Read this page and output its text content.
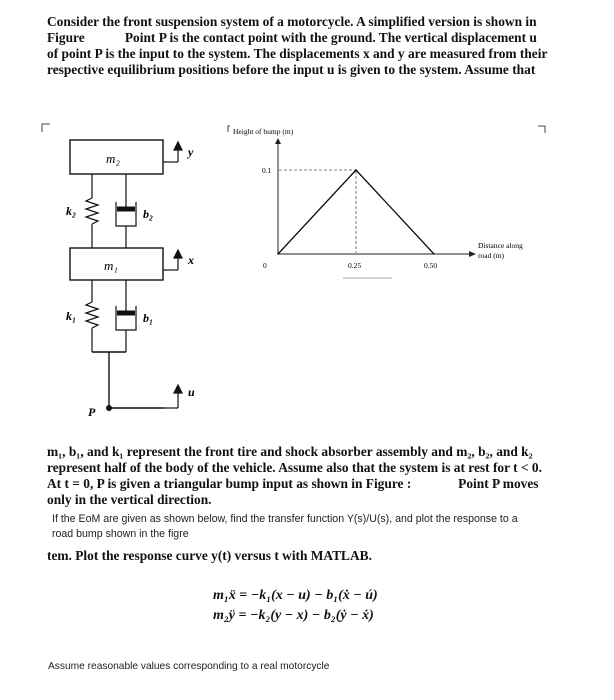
Consider the front suspension system of a motorcycle. A simplified version is shown in

Figure            Point P is the contact point with the ground. The vertical displacement u

of point P is the input to the system. The displacements x and y are measured from their

respective equilibrium positions before the input u is given to the system. Assume that

m₂
m₁
k₂	b₂
k₁	b₁
P
y
x
u
Height of bump (m)
Distance along
road (m)
0.1
0	0.25	0.50

m₁, b₁, and k₁ represent the front tire and shock absorber assembly and m₂, b₂, and k₂

represent half of the body of the vehicle. Assume also that the system is at rest for t < 0.

At t = 0, P is given a triangular bump input as shown in Figure :              Point P moves

only in the vertical direction.

If the EoM are given as shown below, find the transfer function Y(s)/U(s), and plot the response to a

road bump shown in the figre

tem. Plot the response curve y(t) versus t with MATLAB.

m₁ẍ = −k₁(x − u) − b₁(ẋ − ú)

m₂ÿ = −k₂(y − x) − b₂(ẏ − ẋ)

Assume reasonable values corresponding to a real motorcycle
